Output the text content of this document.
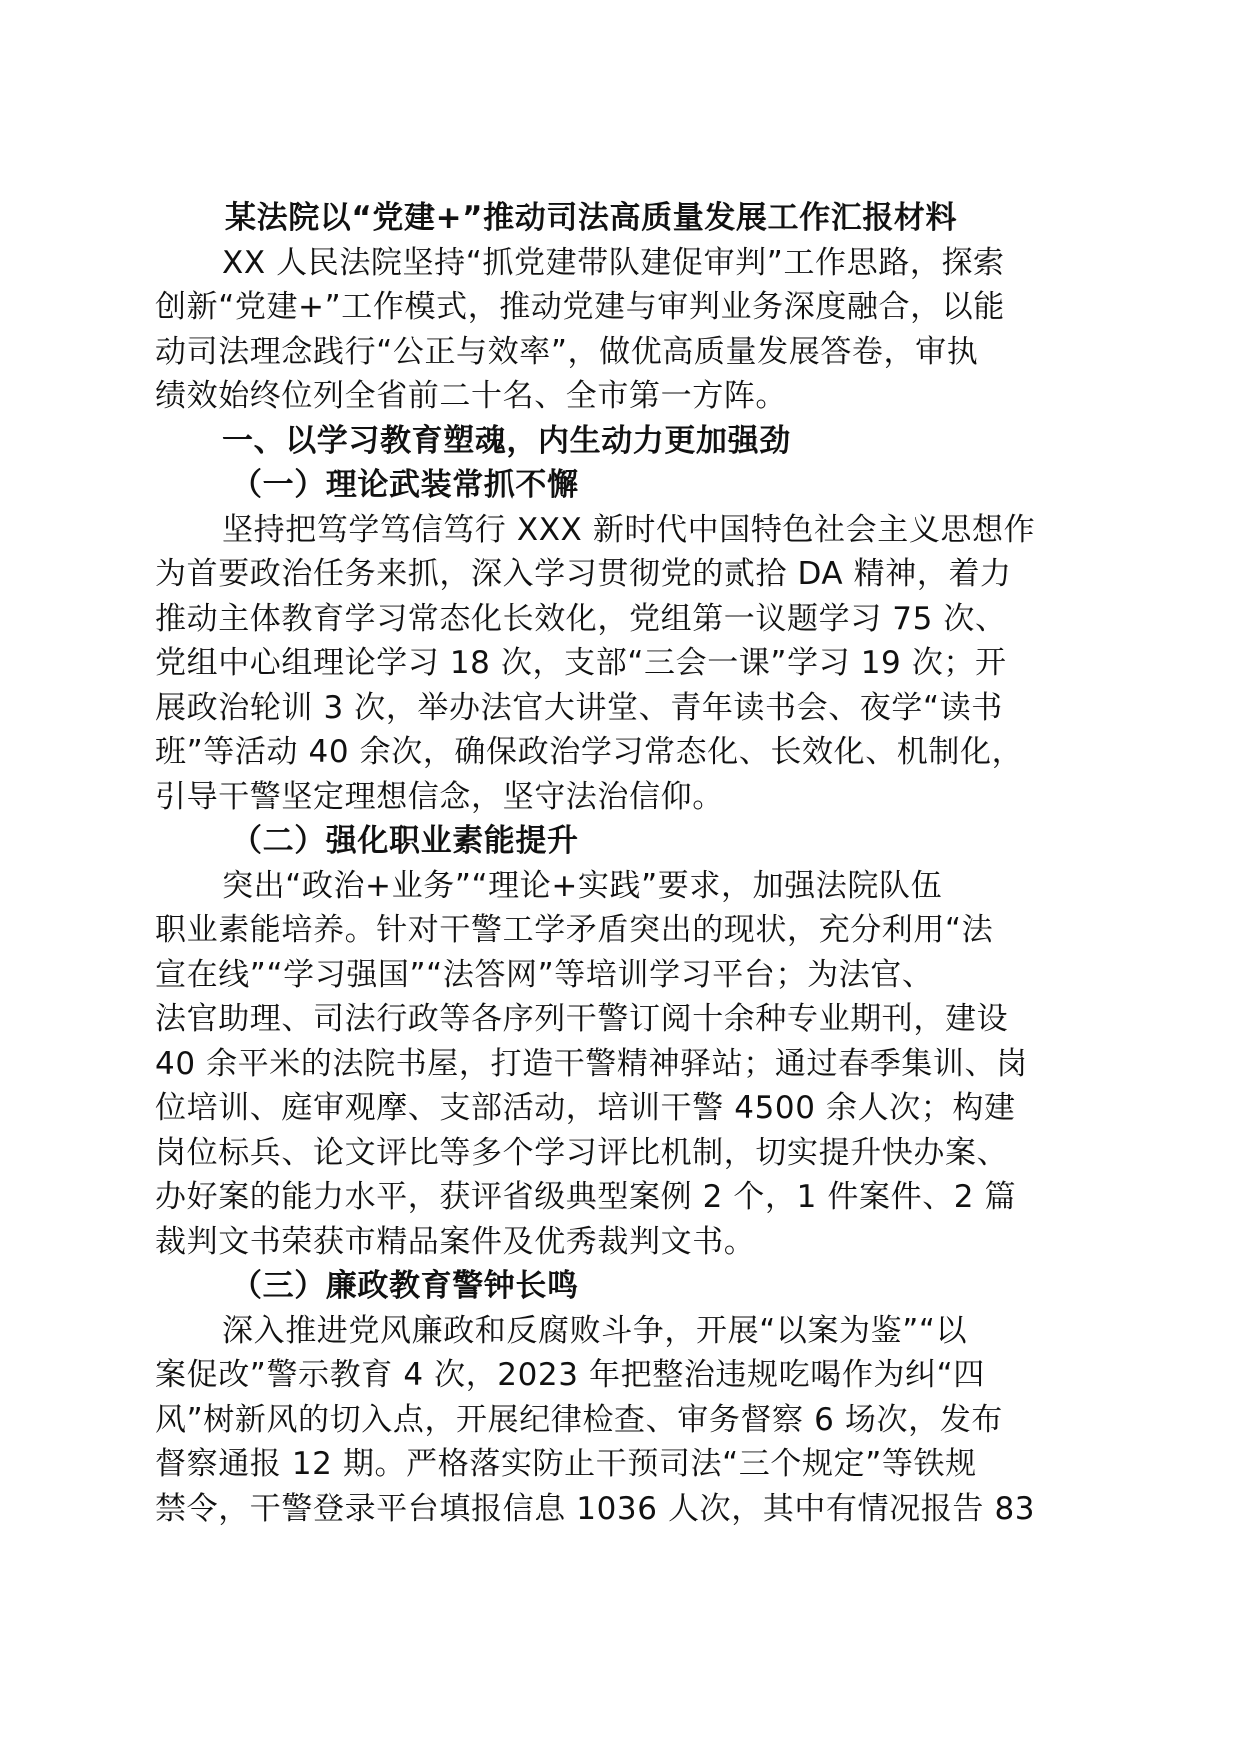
某法院以“党建+”推动司法高质量发展工作汇报材料
XX 人民法院坚持“抓党建带队建促审判”工作思路，探索
创新“党建+”工作模式，推动党建与审判业务深度融合，以能
动司法理念践行“公正与效率”，做优高质量发展答卷，审执
绩效始终位列全省前二十名、全市第一方阵。
一、以学习教育塑魂，内生动力更加强劲
（一）理论武装常抓不懈
坚持把笃学笃信笃行 XXX 新时代中国特色社会主义思想作
为首要政治任务来抓，深入学习贯彻党的贰拾 DA 精神，着力
推动主体教育学习常态化长效化，党组第一议题学习 75 次、
党组中心组理论学习 18 次，支部“三会一课”学习 19 次；开
展政治轮训 3 次，举办法官大讲堂、青年读书会、夜学“读书
班”等活动 40 余次，确保政治学习常态化、长效化、机制化，
引导干警坚定理想信念，坚守法治信仰。
（二）强化职业素能提升
突出“政治+业务”“理论+实践”要求，加强法院队伍
职业素能培养。针对干警工学矛盾突出的现状，充分利用“法
宣在线”“学习强国”“法答网”等培训学习平台；为法官、
法官助理、司法行政等各序列干警订阅十余种专业期刊，建设
40 余平米的法院书屋，打造干警精神驿站；通过春季集训、岗
位培训、庭审观摩、支部活动，培训干警 4500 余人次；构建
岗位标兵、论文评比等多个学习评比机制，切实提升快办案、
办好案的能力水平，获评省级典型案例 2 个，1 件案件、2 篇
裁判文书荣获市精品案件及优秀裁判文书。
（三）廉政教育警钟长鸣
深入推进党风廉政和反腐败斗争，开展“以案为鉴”“以
案促改”警示教育 4 次，2023 年把整治违规吃喝作为纠“四
风”树新风的切入点，开展纪律检查、审务督察 6 场次，发布
督察通报 12 期。严格落实防止干预司法“三个规定”等铁规
禁令，干警登录平台填报信息 1036 人次，其中有情况报告 83
